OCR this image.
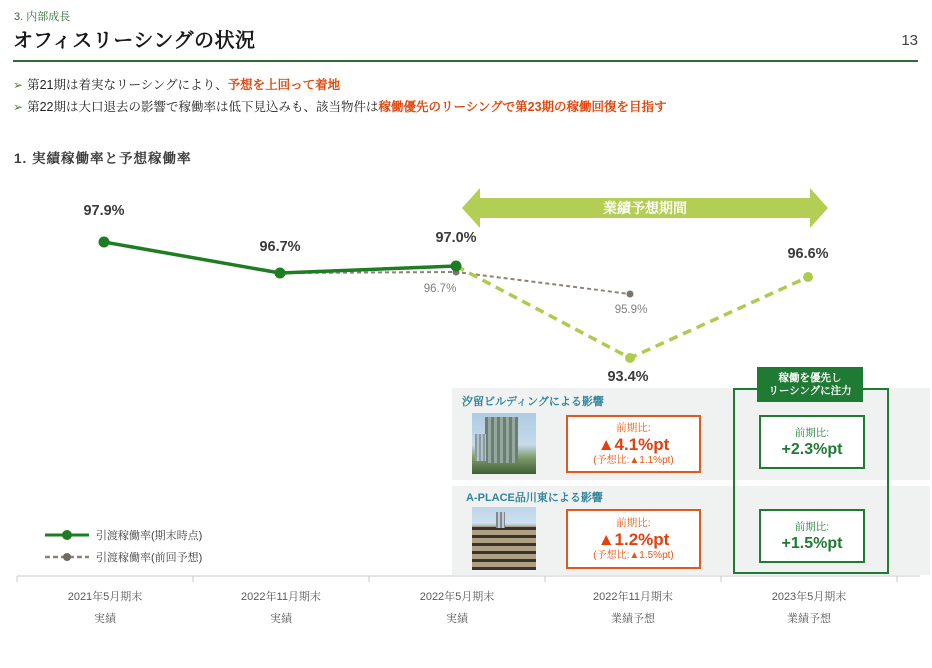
3. 内部成長
オフィスリーシングの状況	13
➢ 第21期は着実なリーシングにより、予想を上回って着地
➢ 第22期は大口退去の影響で稼働率は低下見込みも、該当物件は稼働優先のリーシングで第23期の稼働回復を目指す
1. 実績稼働率と予想稼働率
業績予想期間
97.9%
96.7%
97.0%
96.7%
95.9%
93.4%
96.6%
引渡稼働率(期末時点)
引渡稼働率(前回予想)
汐留ビルディングによる影響
前期比:
▲4.1%pt
(予想比:▲1.1%pt)
A-PLACE品川東による影響
前期比:
▲1.2%pt
(予想比:▲1.5%pt)
稼働を優先し
リーシングに注力
前期比:
+2.3%pt
前期比:
+1.5%pt
2021年5月期末
実績
2022年11月期末
実績
2022年5月期末
実績
2022年11月期末
業績予想
2023年5月期末
業績予想
